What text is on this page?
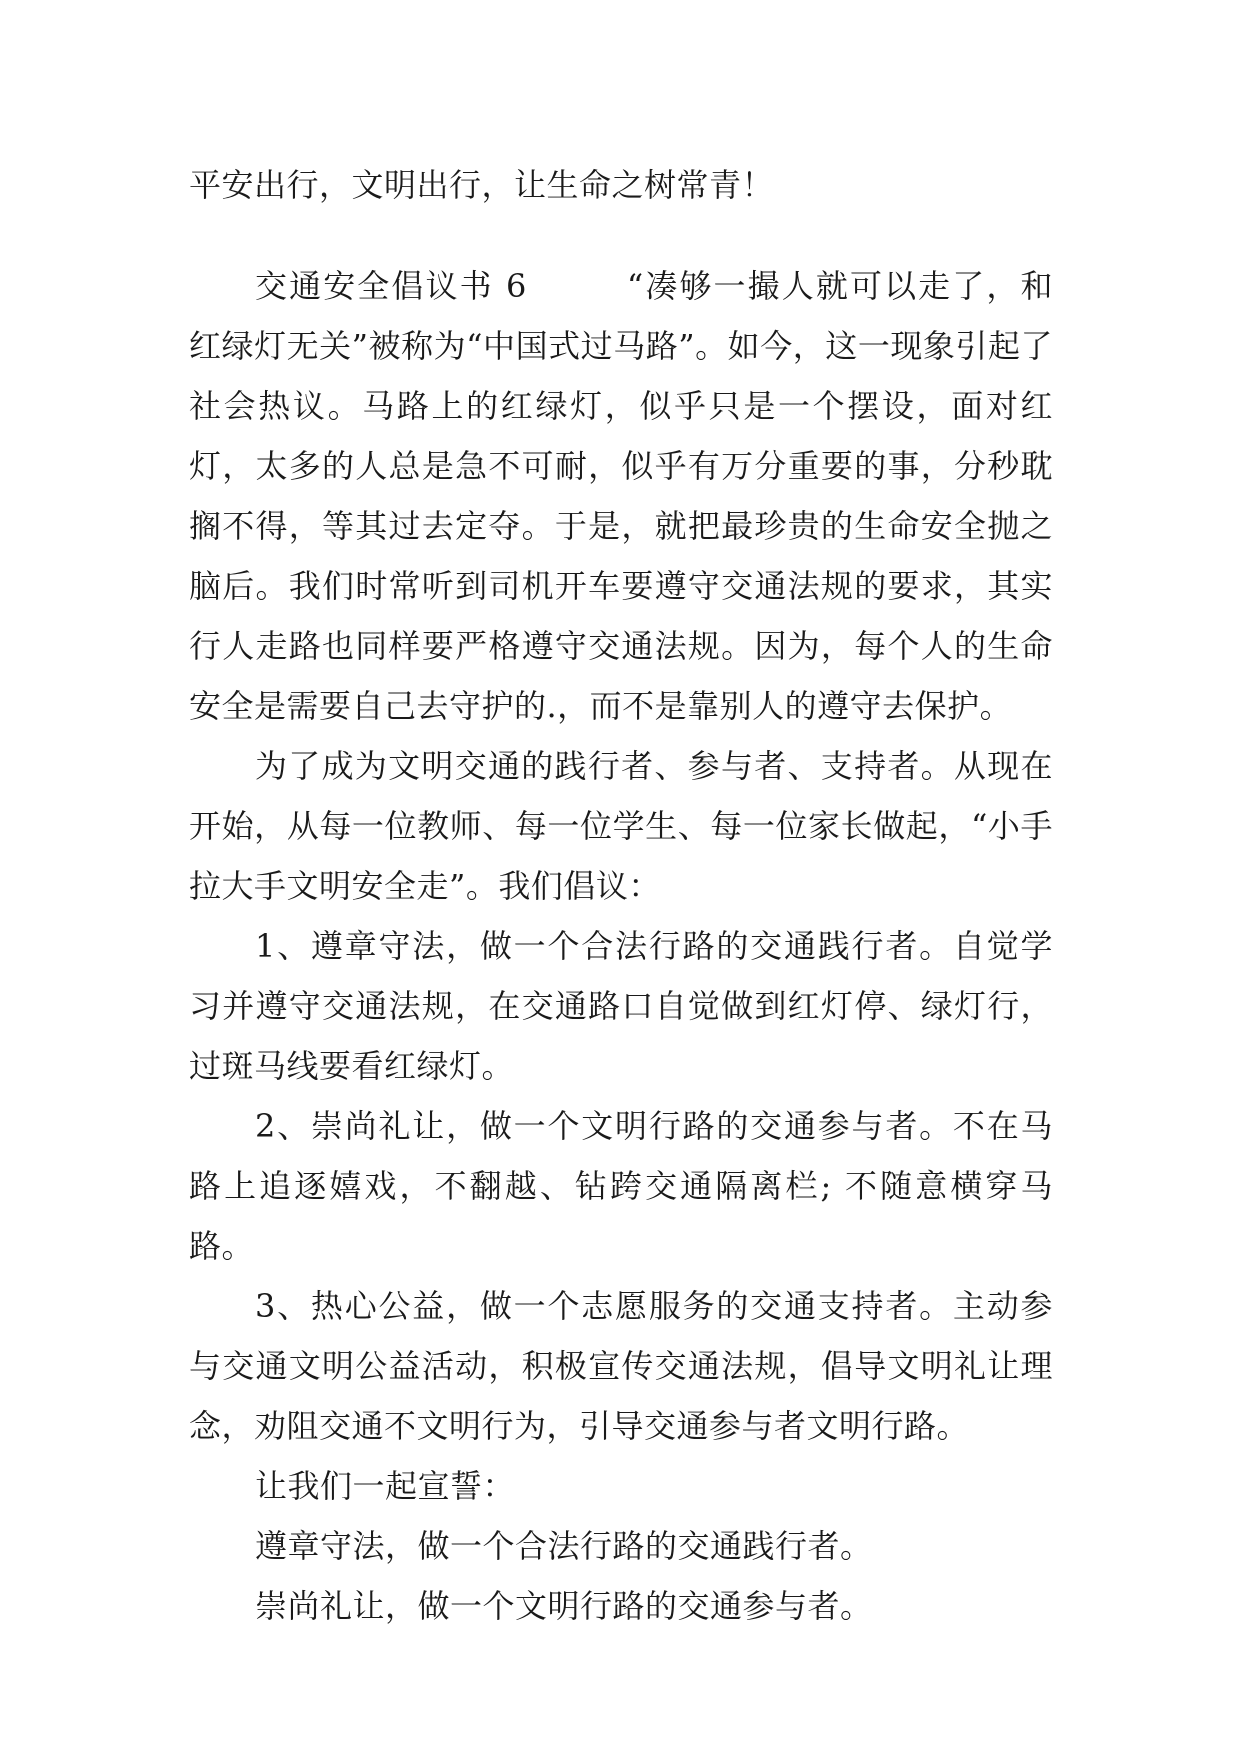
平安出行，文明出行，让生命之树常青！

交通安全倡议书 6	“凑够一撮人就可以走了，和红绿灯无关”被称为“中国式过马路”。如今，这一现象引起了社会热议。马路上的红绿灯，似乎只是一个摆设，面对红灯，太多的人总是急不可耐，似乎有万分重要的事，分秒耽搁不得，等其过去定夺。于是，就把最珍贵的生命安全抛之脑后。我们时常听到司机开车要遵守交通法规的要求，其实行人走路也同样要严格遵守交通法规。因为，每个人的生命安全是需要自己去守护的.，而不是靠别人的遵守去保护。

为了成为文明交通的践行者、参与者、支持者。从现在开始，从每一位教师、每一位学生、每一位家长做起，“小手拉大手文明安全走”。我们倡议：

1、遵章守法，做一个合法行路的交通践行者。自觉学习并遵守交通法规，在交通路口自觉做到红灯停、绿灯行，过斑马线要看红绿灯。

2、崇尚礼让，做一个文明行路的交通参与者。不在马路上追逐嬉戏，不翻越、钻跨交通隔离栏; 不随意横穿马路。

3、热心公益，做一个志愿服务的交通支持者。主动参与交通文明公益活动，积极宣传交通法规，倡导文明礼让理念，劝阻交通不文明行为，引导交通参与者文明行路。

让我们一起宣誓：

遵章守法，做一个合法行路的交通践行者。

崇尚礼让，做一个文明行路的交通参与者。
